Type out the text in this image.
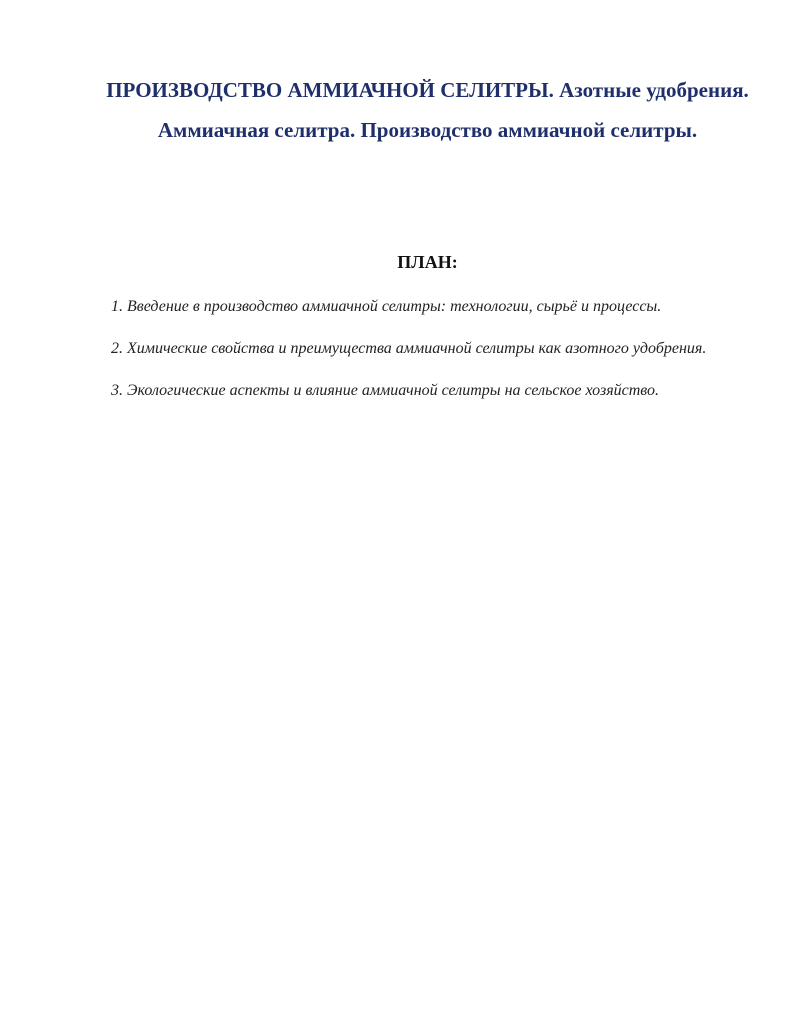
ПРОИЗВОДСТВО АММИАЧНОЙ СЕЛИТРЫ. Азотные удобрения.
Аммиачная селитра. Производство аммиачной селитры.
ПЛАН:
1. Введение в производство аммиачной селитры: технологии, сырьё и процессы.
2. Химические свойства и преимущества аммиачной селитры как азотного удобрения.
3. Экологические аспекты и влияние аммиачной селитры на сельское хозяйство.
